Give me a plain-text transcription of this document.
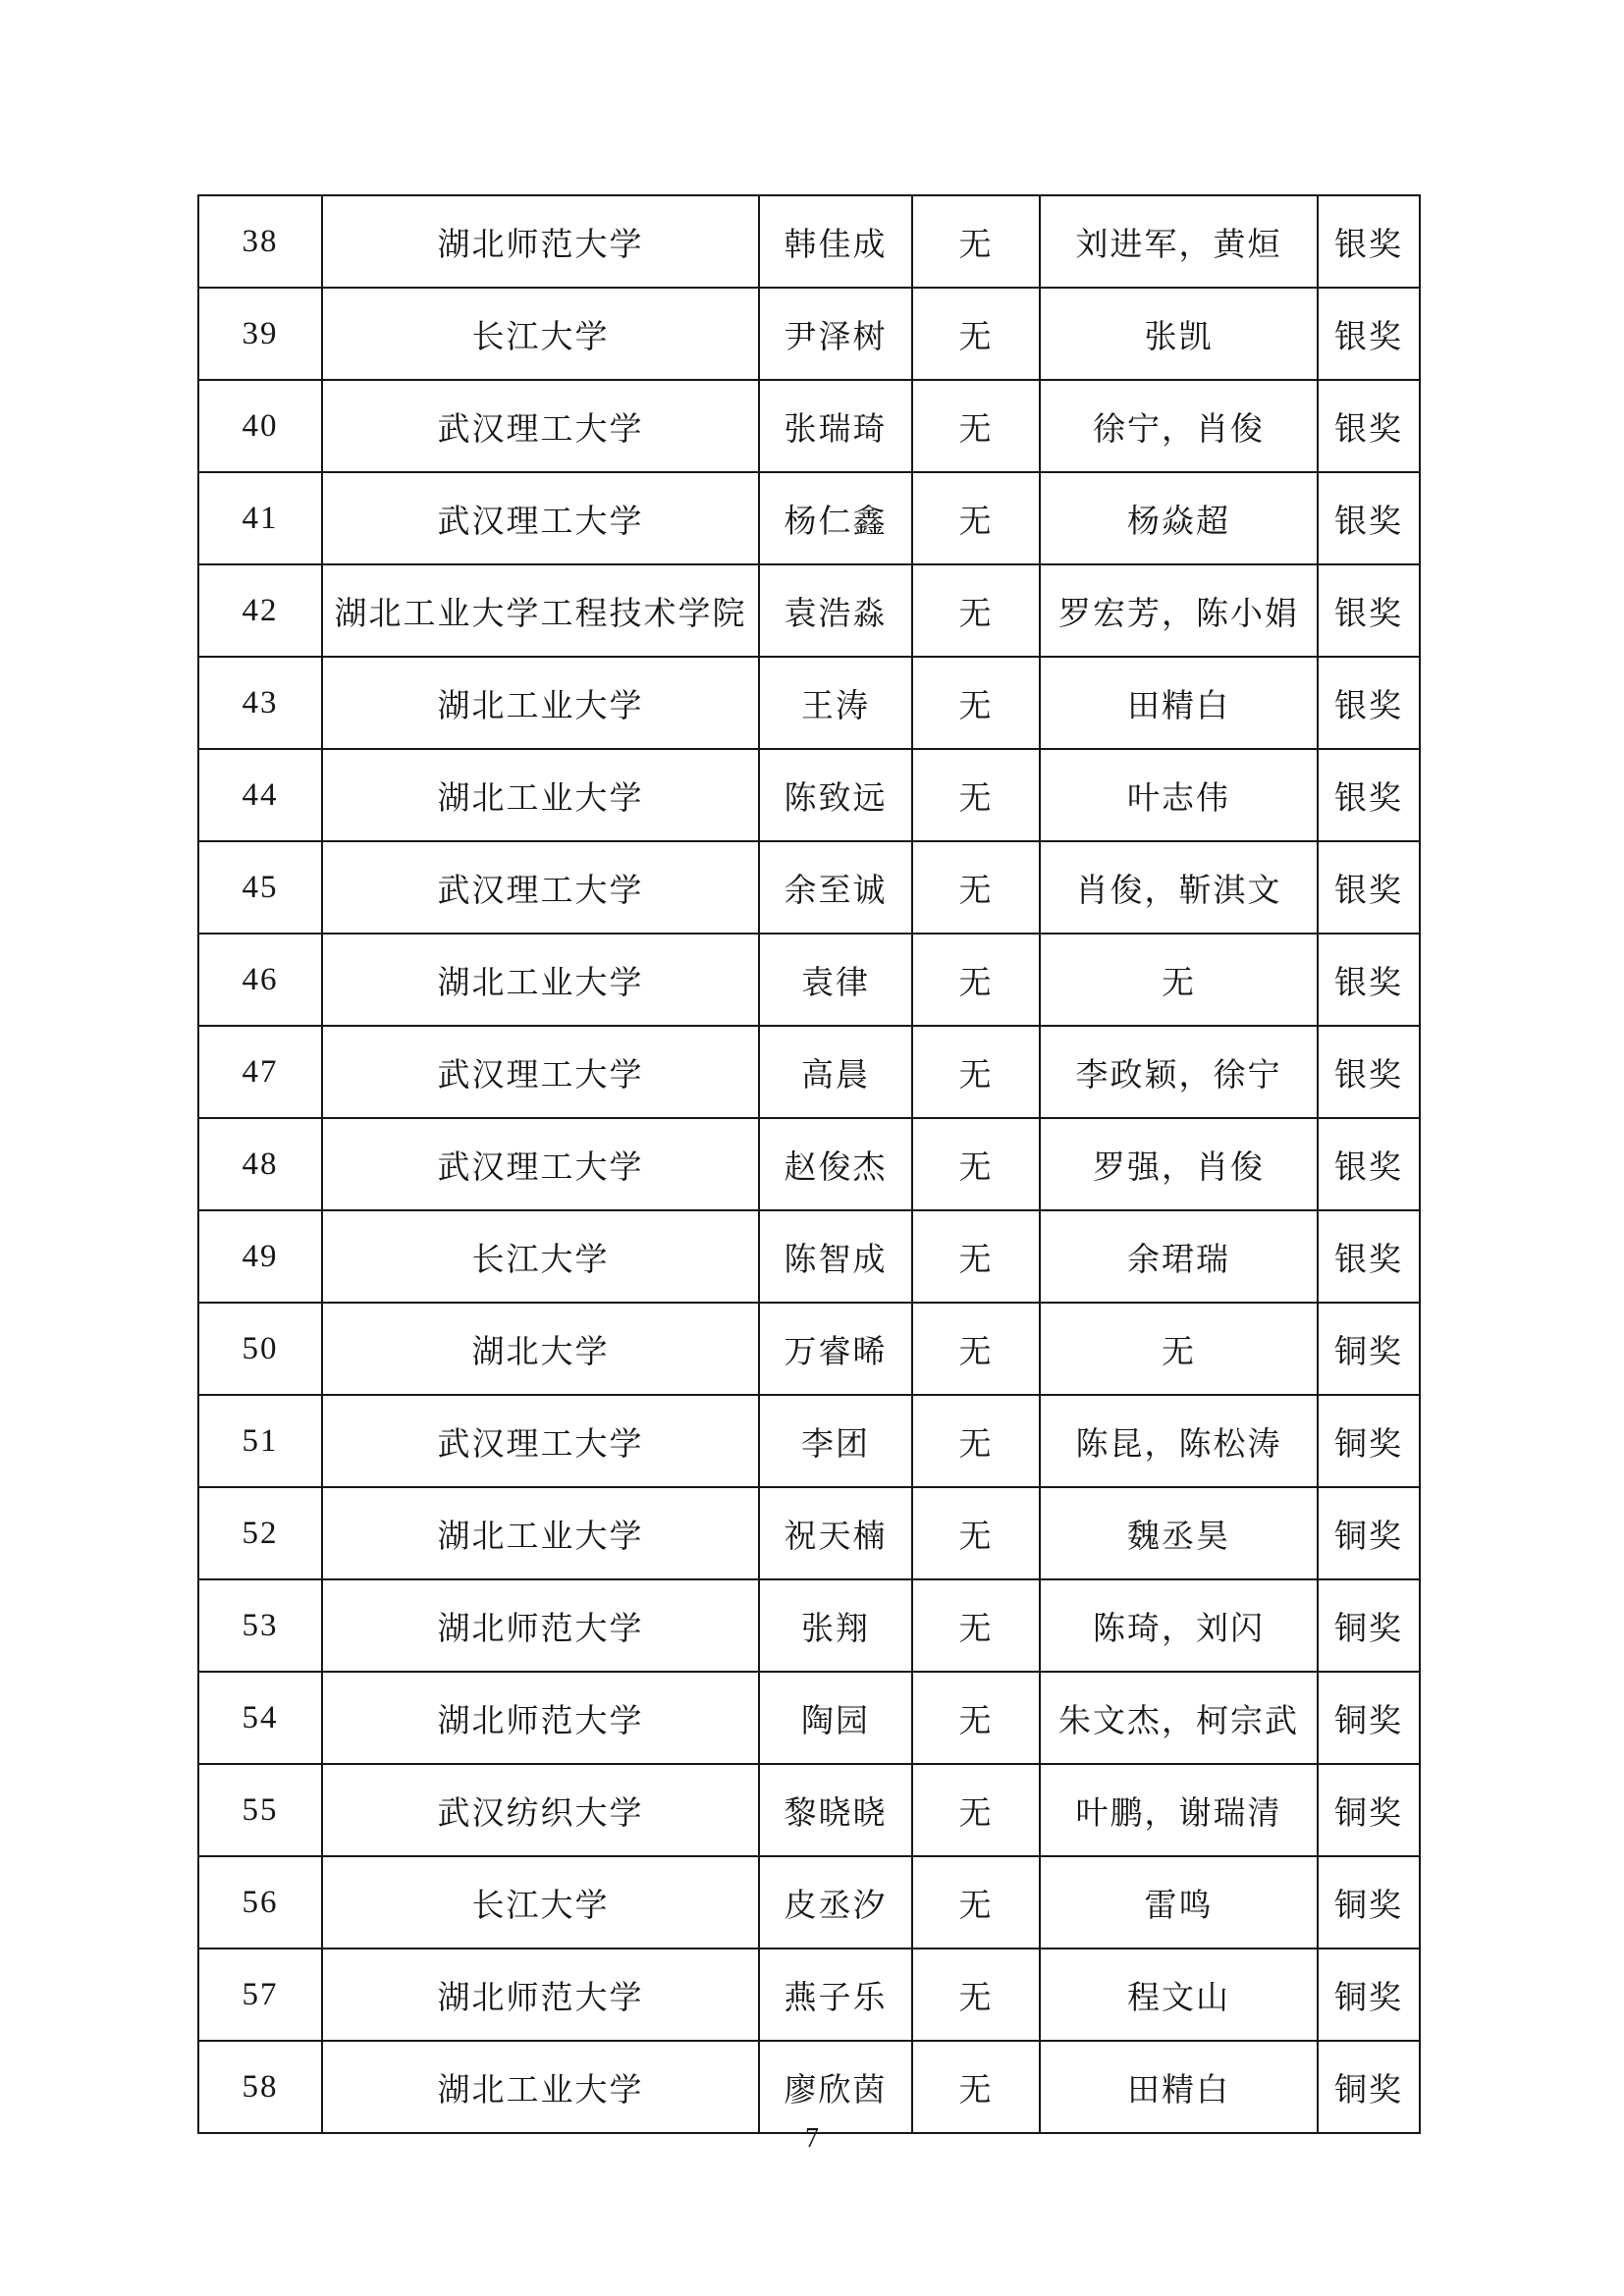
38	湖北师范大学	韩佳成	无	刘进军，黄烜	银奖
39	长江大学	尹泽树	无	张凯	银奖
40	武汉理工大学	张瑞琦	无	徐宁，肖俊	银奖
41	武汉理工大学	杨仁鑫	无	杨焱超	银奖
42	湖北工业大学工程技术学院	袁浩淼	无	罗宏芳，陈小娟	银奖
43	湖北工业大学	王涛	无	田精白	银奖
44	湖北工业大学	陈致远	无	叶志伟	银奖
45	武汉理工大学	余至诚	无	肖俊，靳淇文	银奖
46	湖北工业大学	袁律	无	无	银奖
47	武汉理工大学	高晨	无	李政颖，徐宁	银奖
48	武汉理工大学	赵俊杰	无	罗强，肖俊	银奖
49	长江大学	陈智成	无	余珺瑞	银奖
50	湖北大学	万睿晞	无	无	铜奖
51	武汉理工大学	李团	无	陈昆，陈松涛	铜奖
52	湖北工业大学	祝天楠	无	魏丞昊	铜奖
53	湖北师范大学	张翔	无	陈琦，刘闪	铜奖
54	湖北师范大学	陶园	无	朱文杰，柯宗武	铜奖
55	武汉纺织大学	黎晓晓	无	叶鹏，谢瑞清	铜奖
56	长江大学	皮丞汐	无	雷鸣	铜奖
57	湖北师范大学	燕子乐	无	程文山	铜奖
58	湖北工业大学	廖欣茵	无	田精白	铜奖
7
